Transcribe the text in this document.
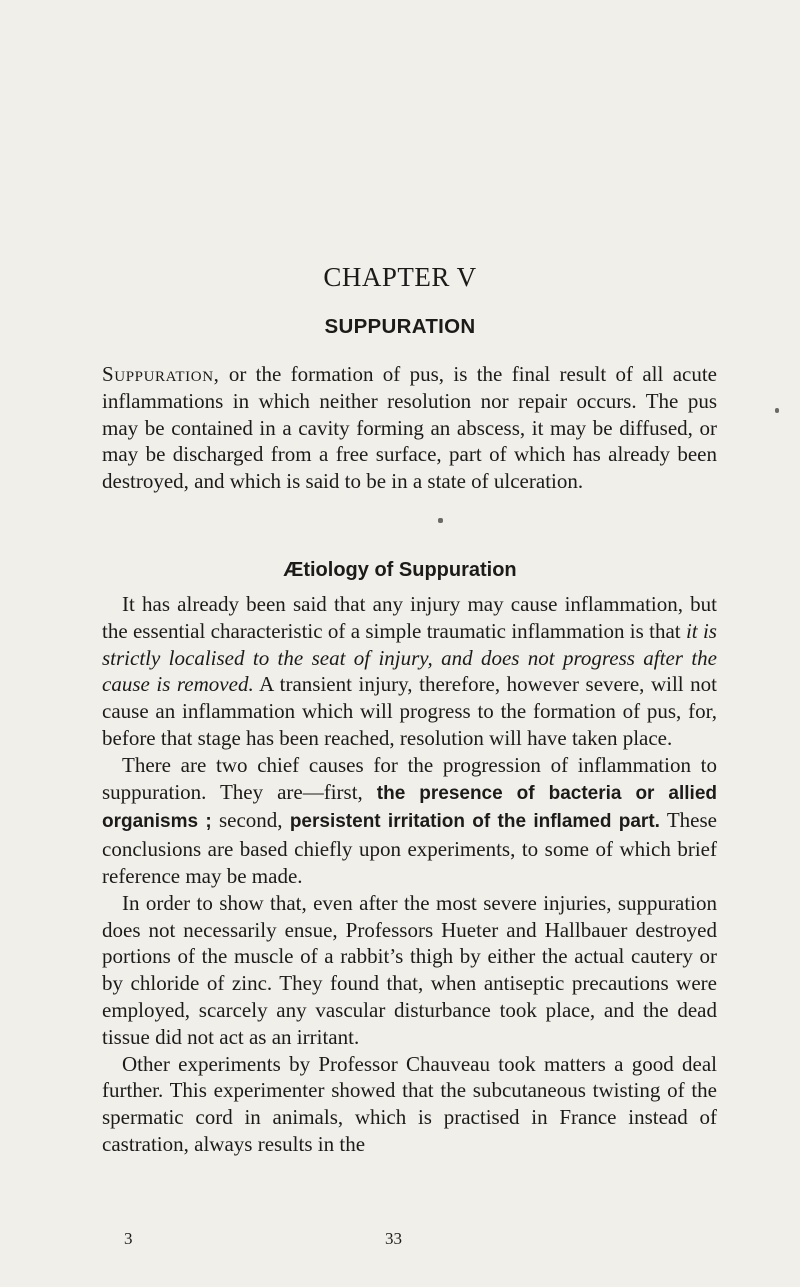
CHAPTER V
SUPPURATION

Suppuration, or the formation of pus, is the final result of all acute inflammations in which neither resolution nor repair occurs. The pus may be contained in a cavity forming an abscess, it may be diffused, or may be discharged from a free surface, part of which has already been destroyed, and which is said to be in a state of ulceration.

Ætiology of Suppuration

It has already been said that any injury may cause inflammation, but the essential characteristic of a simple traumatic inflammation is that it is strictly localised to the seat of injury, and does not progress after the cause is removed. A transient injury, therefore, however severe, will not cause an inflammation which will progress to the formation of pus, for, before that stage has been reached, resolution will have taken place.

There are two chief causes for the progression of inflammation to suppuration. They are—first, the presence of bacteria or allied organisms ; second, persistent irritation of the inflamed part. These conclusions are based chiefly upon experiments, to some of which brief reference may be made.

In order to show that, even after the most severe injuries, suppuration does not necessarily ensue, Professors Hueter and Hallbauer destroyed portions of the muscle of a rabbit’s thigh by either the actual cautery or by chloride of zinc. They found that, when antiseptic precautions were employed, scarcely any vascular disturbance took place, and the dead tissue did not act as an irritant.

Other experiments by Professor Chauveau took matters a good deal further. This experimenter showed that the subcutaneous twisting of the spermatic cord in animals, which is practised in France instead of castration, always results in the

3	33
